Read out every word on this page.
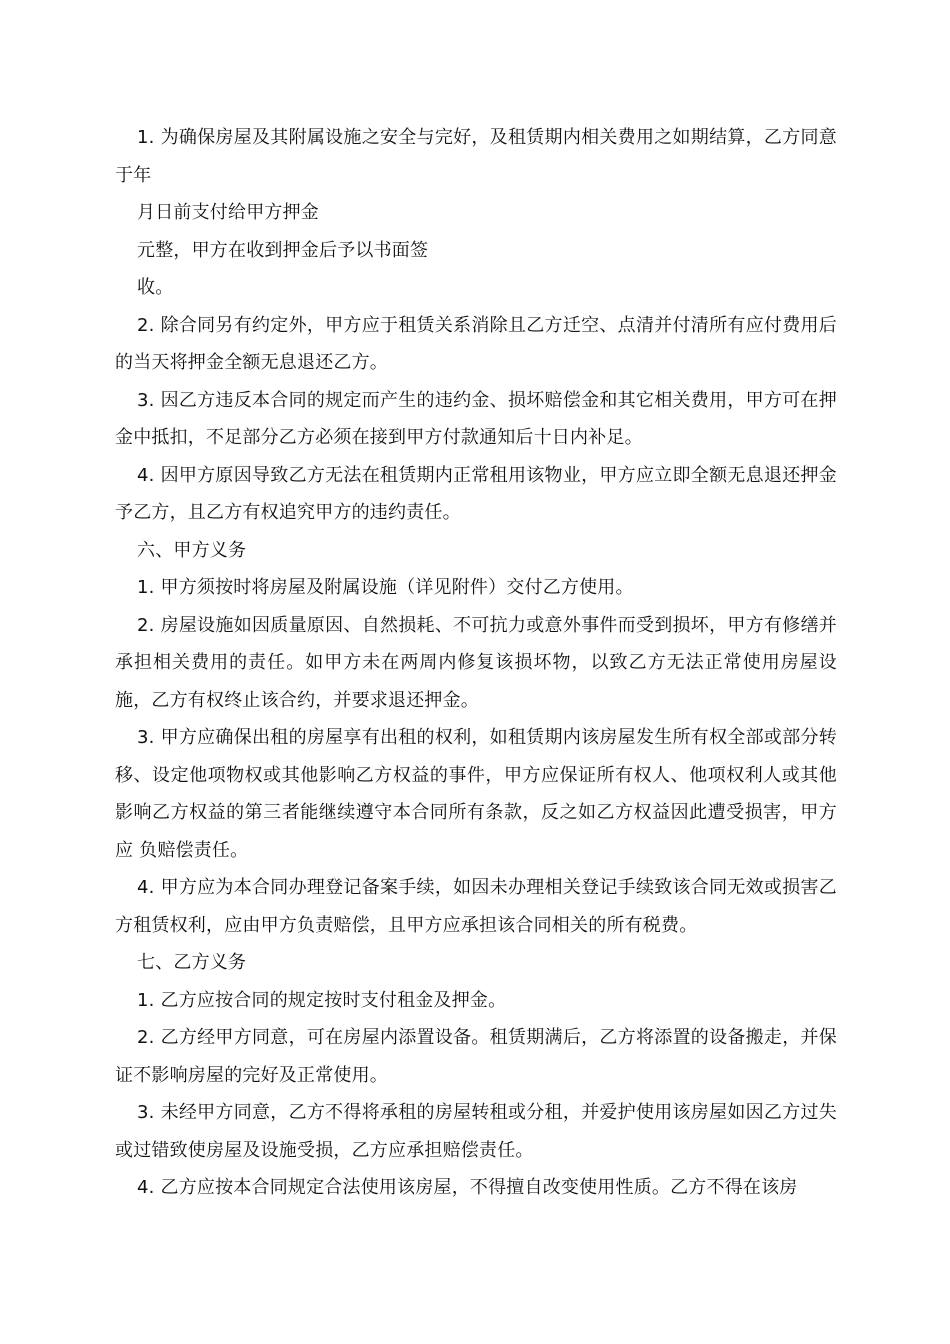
1. 为确保房屋及其附属设施之安全与完好，及租赁期内相关费用之如期结算，乙方同意于年

月日前支付给甲方押金

元整，甲方在收到押金后予以书面签

收。

2. 除合同另有约定外，甲方应于租赁关系消除且乙方迁空、点清并付清所有应付费用后的当天将押金全额无息退还乙方。

3. 因乙方违反本合同的规定而产生的违约金、损坏赔偿金和其它相关费用，甲方可在押金中抵扣，不足部分乙方必须在接到甲方付款通知后十日内补足。

4. 因甲方原因导致乙方无法在租赁期内正常租用该物业，甲方应立即全额无息退还押金予乙方，且乙方有权追究甲方的违约责任。

六、甲方义务

1. 甲方须按时将房屋及附属设施（详见附件）交付乙方使用。

2. 房屋设施如因质量原因、自然损耗、不可抗力或意外事件而受到损坏，甲方有修缮并承担相关费用的责任。如甲方未在两周内修复该损坏物，以致乙方无法正常使用房屋设施，乙方有权终止该合约，并要求退还押金。

3. 甲方应确保出租的房屋享有出租的权利，如租赁期内该房屋发生所有权全部或部分转移、设定他项物权或其他影响乙方权益的事件，甲方应保证所有权人、他项权利人或其他影响乙方权益的第三者能继续遵守本合同所有条款，反之如乙方权益因此遭受损害，甲方应 负赔偿责任。

4. 甲方应为本合同办理登记备案手续，如因未办理相关登记手续致该合同无效或损害乙方租赁权利，应由甲方负责赔偿，且甲方应承担该合同相关的所有税费。

七、乙方义务

1. 乙方应按合同的规定按时支付租金及押金。

2. 乙方经甲方同意，可在房屋内添置设备。租赁期满后，乙方将添置的设备搬走，并保证不影响房屋的完好及正常使用。

3. 未经甲方同意，乙方不得将承租的房屋转租或分租，并爱护使用该房屋如因乙方过失或过错致使房屋及设施受损，乙方应承担赔偿责任。

4. 乙方应按本合同规定合法使用该房屋，不得擅自改变使用性质。乙方不得在该房
